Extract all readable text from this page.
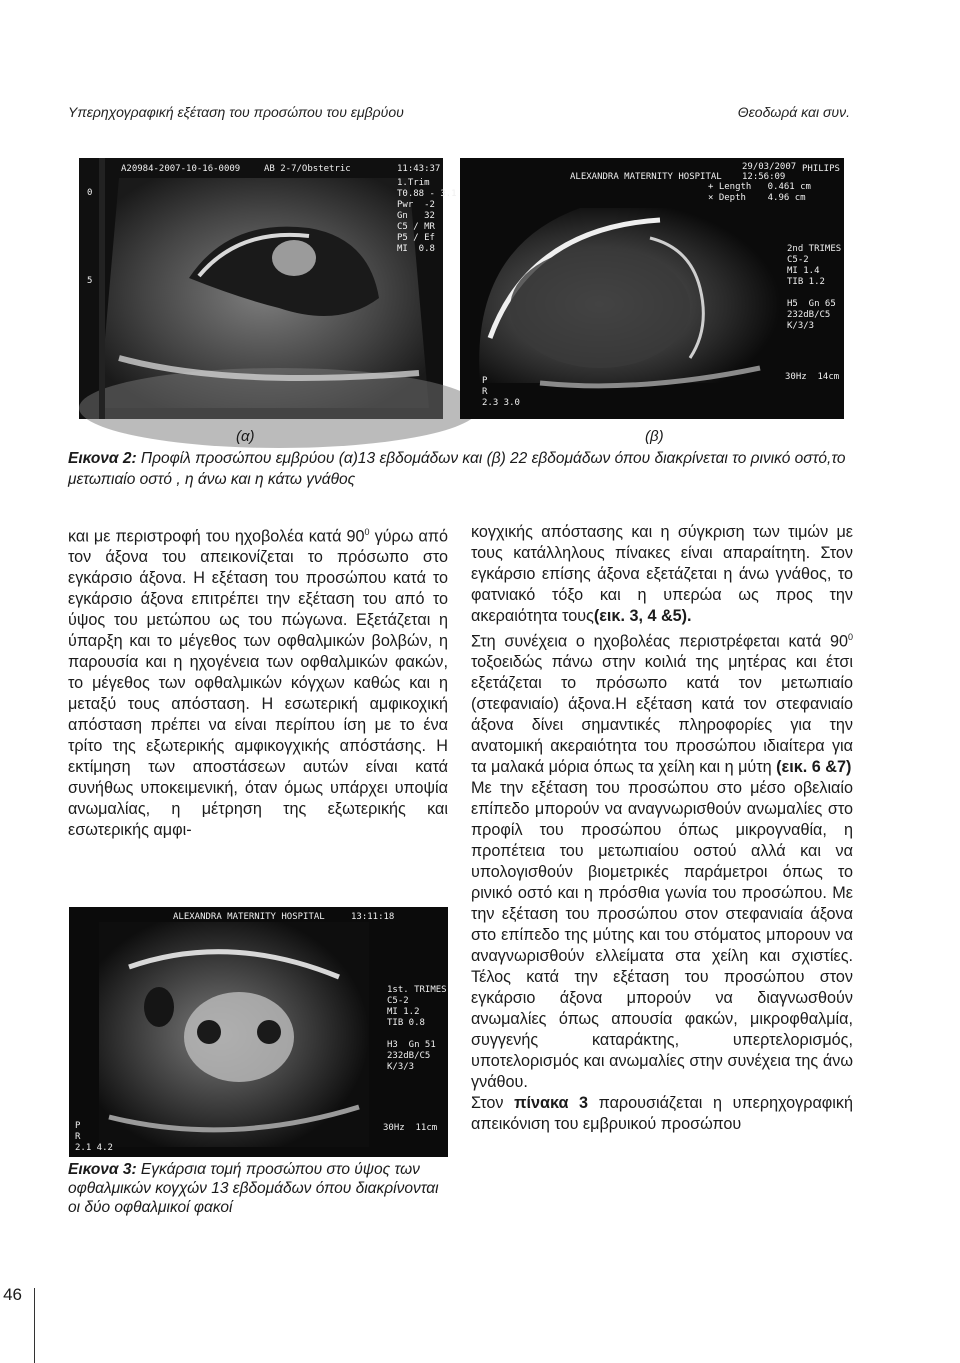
Υπερηχογραφική εξέταση του προσώπου του εμβρύου	Θεοδωρά και συν.
A20984-2007-10-16-0009	AB 2-7/Obstetric	11:43:37
1.Trim
T0.88 - 3.1
Pwr  -2
Gn   32
C5 / MR
P5 / Ef
MI  0.8
0

5
ALEXANDRA MATERNITY HOSPITAL
29/03/2007
12:56:09
PHILIPS
+ Length   0.461 cm
× Depth    4.96 cm
2nd TRIMES
C5-2
MI 1.4
TIB 1.2

H5  Gn 65
232dB/C5
K/3/3
30Hz  14cm
P
R
2.3 3.0
(α)	(β)
Εικονα 2: Προφίλ προσώπου εμβρύου (α)13 εβδομάδων και (β) 22 εβδομάδων όπου διακρίνεται το ρινικό οστό,το μετωπιαίο οστό , η άνω και η κάτω γνάθος

και με περιστροφή του ηχοβολέα κατά $90^0$ γύρω από τον άξονα του απεικονίζεται το πρόσωπο στο εγκάρσιο άξονα. Η εξέταση του προσώπου κατά το εγκάρσιο άξονα επιτρέπει την εξέταση του από το ύψος του μετώπου ως του πώγωνα. Εξετάζεται η ύπαρξη και το μέγεθος των οφθαλμικών βολβών, η παρουσία και η ηχογένεια των οφθαλμικών φακών, το μέγεθος των οφθαλμικών κόγχων καθώς και η μεταξύ τους απόσταση. Η εσωτερική αμφικοχική απόσταση πρέπει να είναι περίπου ίση με το ένα τρίτο της εξωτερικής αμφικογχικής απόστάσης. Η εκτίμηση των αποστάσεων αυτών είναι κατά συνήθως υποκειμενική, όταν όμως υπάρχει υποψία ανωμαλίας, η μέτρηση της εξωτερικής και εσωτερικής αμφι-

ALEXANDRA MATERNITY HOSPITAL	13:11:18
1st. TRIMES
C5-2
MI 1.2
TIB 0.8

H3  Gn 51
232dB/C5
K/3/3
30Hz  11cm
P
R
2.1 4.2
Εικονα 3: Εγκάρσια τομή προσώπου στο ύψος των οφθαλμικών κογχών 13 εβδομάδων όπου διακρίνονται οι δύο οφθαλμικοί φακοί

κογχικής απόστασης και η σύγκριση των τιμών με τους κατάλληλους πίνακες είναι απαραίτητη. Στον εγκάρσιο επίσης άξονα εξετάζεται η άνω γνάθος, το φατνιακό τόξο και η υπερώα ως προς την ακεραιότητα τους(εικ. 3, 4 &5).

Στη συνέχεια ο ηχοβολέας περιστρέφεται κατά $90^0$ τοξοειδώς πάνω στην κοιλιά της μητέρας και έτσι εξετάζεται το πρόσωπο κατά τον μετωπιαίο (στεφανιαίο) άξονα.Η εξέταση κατά τον στεφανιαίο άξονα δίνει σημαντικές πληροφορίες για την ανατομική ακεραιότητα του προσώπου ιδιαίτερα για τα μαλακά μόρια όπως τα χείλη και η μύτη (εικ. 6 &7)

Με την εξέταση του προσώπου στο μέσο οβελιαίο επίπεδο μπορούν να αναγνωρισθούν ανωμαλίες στο προφίλ του προσώπου όπως μικρογναθία, η προπέτεια του μετωπιαίου οστού αλλά και να υπολογισθούν βιομετρικές παράμετροι όπως το ρινικό οστό και η πρόσθια γωνία του προσώπου. Με την εξέταση του προσώπου στον στεφανιαία άξονα στο επίπεδο της μύτης και του στόματος μπορουν να αναγνωρισθούν ελλείματα στα χείλη και σχιστίες. Τέλος κατά την εξέταση του προσώπου στον εγκάρσιο άξονα μπορούν να διαγνωσθούν ανωμαλίες όπως απουσία φακών, μικροφθαλμία, συγγενής καταράκτης, υπερτελορισμός, υποτελορισμός και ανωμαλίες στην συνέχεια της άνω γνάθου.

Στον πίνακα 3 παρουσιάζεται η υπερηχογραφική απεικόνιση του εμβρυικού προσώπου

46
